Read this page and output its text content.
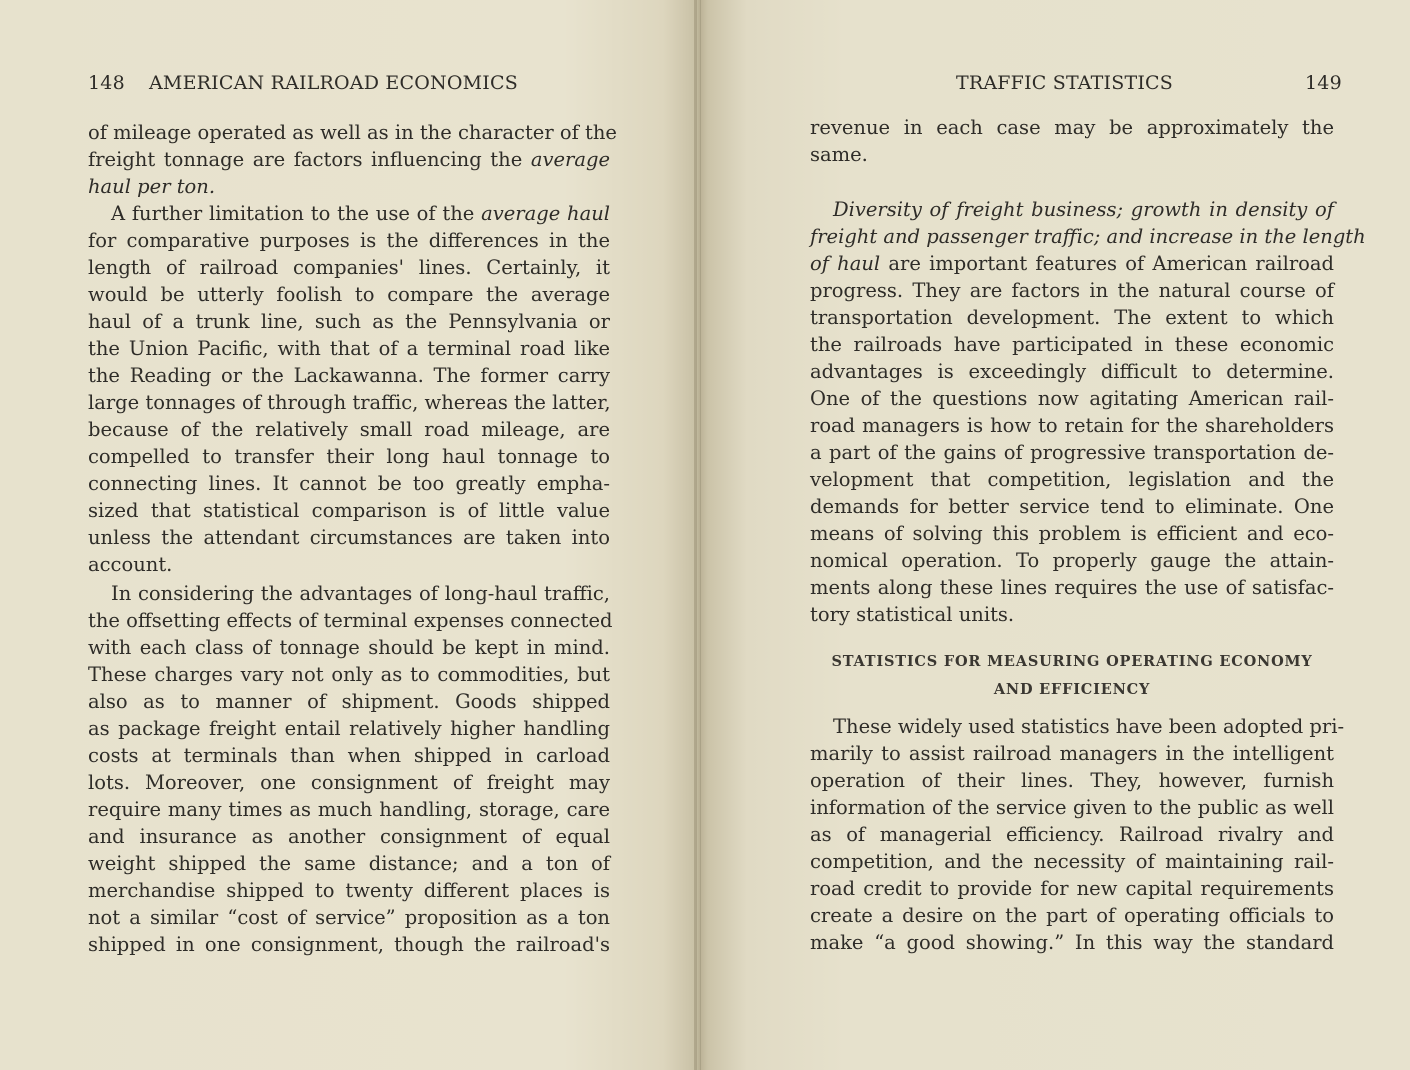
148 AMERICAN RAILROAD ECONOMICS
of mileage operated as well as in the character of the
freight tonnage are factors influencing the average
haul per ton.
A further limitation to the use of the average haul
for comparative purposes is the differences in the
length of railroad companies' lines. Certainly, it
would be utterly foolish to compare the average
haul of a trunk line, such as the Pennsylvania or
the Union Pacific, with that of a terminal road like
the Reading or the Lackawanna. The former carry
large tonnages of through traffic, whereas the latter,
because of the relatively small road mileage, are
compelled to transfer their long haul tonnage to
connecting lines. It cannot be too greatly empha-
sized that statistical comparison is of little value
unless the attendant circumstances are taken into
account.
In considering the advantages of long-haul traffic,
the offsetting effects of terminal expenses connected
with each class of tonnage should be kept in mind.
These charges vary not only as to commodities, but
also as to manner of shipment. Goods shipped
as package freight entail relatively higher handling
costs at terminals than when shipped in carload
lots. Moreover, one consignment of freight may
require many times as much handling, storage, care
and insurance as another consignment of equal
weight shipped the same distance; and a ton of
merchandise shipped to twenty different places is
not a similar “cost of service” proposition as a ton
shipped in one consignment, though the railroad's
TRAFFIC STATISTICS	149
revenue in each case may be approximately the
same.
Diversity of freight business; growth in density of
freight and passenger traffic; and increase in the length
of haul are important features of American railroad
progress. They are factors in the natural course of
transportation development. The extent to which
the railroads have participated in these economic
advantages is exceedingly difficult to determine.
One of the questions now agitating American rail-
road managers is how to retain for the shareholders
a part of the gains of progressive transportation de-
velopment that competition, legislation and the
demands for better service tend to eliminate. One
means of solving this problem is efficient and eco-
nomical operation. To properly gauge the attain-
ments along these lines requires the use of satisfac-
tory statistical units.
STATISTICS FOR MEASURING OPERATING ECONOMY
AND EFFICIENCY
These widely used statistics have been adopted pri-
marily to assist railroad managers in the intelligent
operation of their lines. They, however, furnish
information of the service given to the public as well
as of managerial efficiency. Railroad rivalry and
competition, and the necessity of maintaining rail-
road credit to provide for new capital requirements
create a desire on the part of operating officials to
make “a good showing.” In this way the standard
